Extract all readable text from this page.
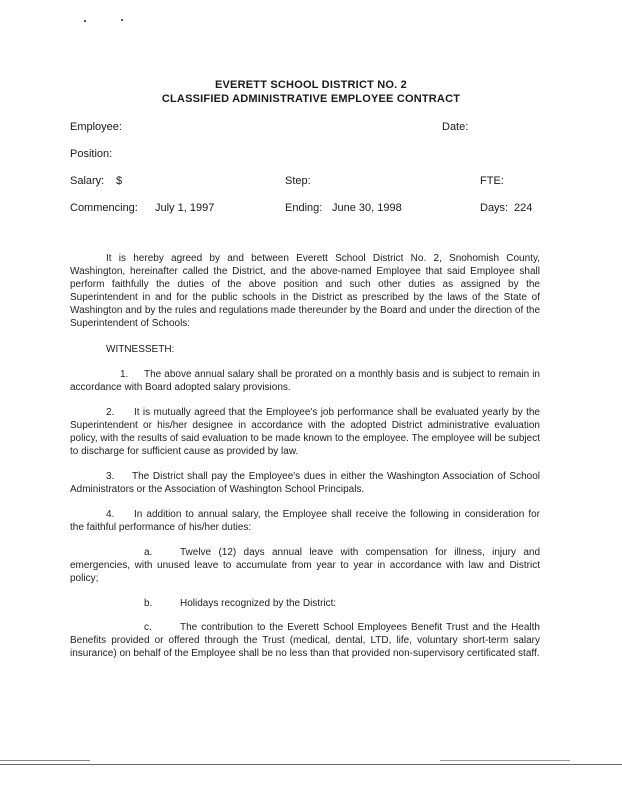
EVERETT SCHOOL DISTRICT NO. 2
CLASSIFIED ADMINISTRATIVE EMPLOYEE CONTRACT
Employee:	Date:
Position:
Salary: $	Step:	FTE:
Commencing: July 1, 1997	Ending: June 30, 1998	Days: 224
It is hereby agreed by and between Everett School District No. 2, Snohomish County, Washington, hereinafter called the District, and the above-named Employee that said Employee shall perform faithfully the duties of the above position and such other duties as assigned by the Superintendent in and for the public schools in the District as prescribed by the laws of the State of Washington and by the rules and regulations made thereunder by the Board and under the direction of the Superintendent of Schools:
WITNESSETH:
1. The above annual salary shall be prorated on a monthly basis and is subject to remain in accordance with Board adopted salary provisions.
2. It is mutually agreed that the Employee's job performance shall be evaluated yearly by the Superintendent or his/her designee in accordance with the adopted District administrative evaluation policy, with the results of said evaluation to be made known to the employee. The employee will be subject to discharge for sufficient cause as provided by law.
3. The District shall pay the Employee's dues in either the Washington Association of School Administrators or the Association of Washington School Principals.
4. In addition to annual salary, the Employee shall receive the following in consideration for the faithful performance of his/her duties:
a.	Twelve (12) days annual leave with compensation for illness, injury and emergencies, with unused leave to accumulate from year to year in accordance with law and District policy;
b.	Holidays recognized by the District:
c.	The contribution to the Everett School Employees Benefit Trust and the Health Benefits provided or offered through the Trust (medical, dental, LTD, life, voluntary short-term salary insurance) on behalf of the Employee shall be no less than that provided non-supervisory certificated staff.
